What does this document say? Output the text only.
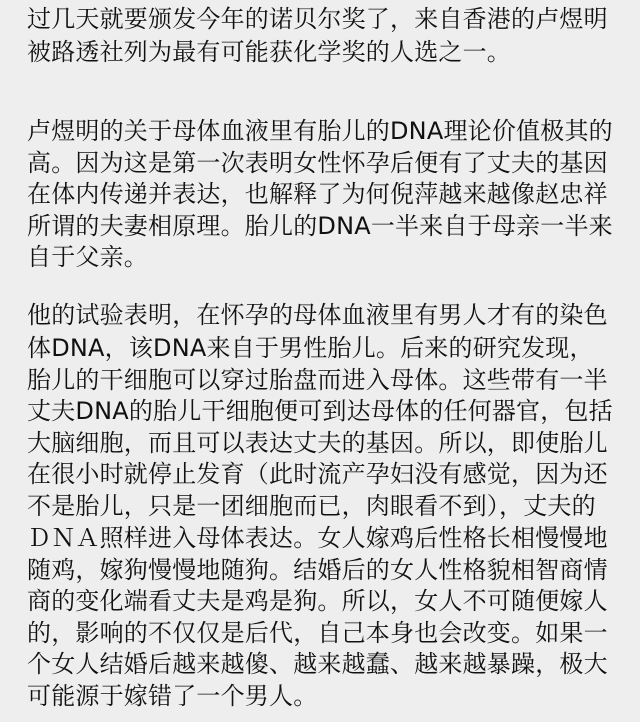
过几天就要颁发今年的诺贝尔奖了，来自香港的卢煜明
被路透社列为最有可能获化学奖的人选之一。
卢煜明的关于母体血液里有胎儿的DNA理论价值极其的
高。因为这是第一次表明女性怀孕后便有了丈夫的基因
在体内传递并表达，也解释了为何倪萍越来越像赵忠祥
所谓的夫妻相原理。胎儿的DNA一半来自于母亲一半来
自于父亲。
他的试验表明，在怀孕的母体血液里有男人才有的染色
体DNA，该DNA来自于男性胎儿。后来的研究发现，
胎儿的干细胞可以穿过胎盘而进入母体。这些带有一半
丈夫DNA的胎儿干细胞便可到达母体的任何器官，包括
大脑细胞，而且可以表达丈夫的基因。所以，即使胎儿
在很小时就停止发育（此时流产孕妇没有感觉，因为还
不是胎儿，只是一团细胞而已，肉眼看不到），丈夫的
ＤＮＡ照样进入母体表达。女人嫁鸡后性格长相慢慢地
随鸡，嫁狗慢慢地随狗。结婚后的女人性格貌相智商情
商的变化端看丈夫是鸡是狗。所以，女人不可随便嫁人
的，影响的不仅仅是后代，自己本身也会改变。如果一
个女人结婚后越来越傻、越来越蠢、越来越暴躁，极大
可能源于嫁错了一个男人。
